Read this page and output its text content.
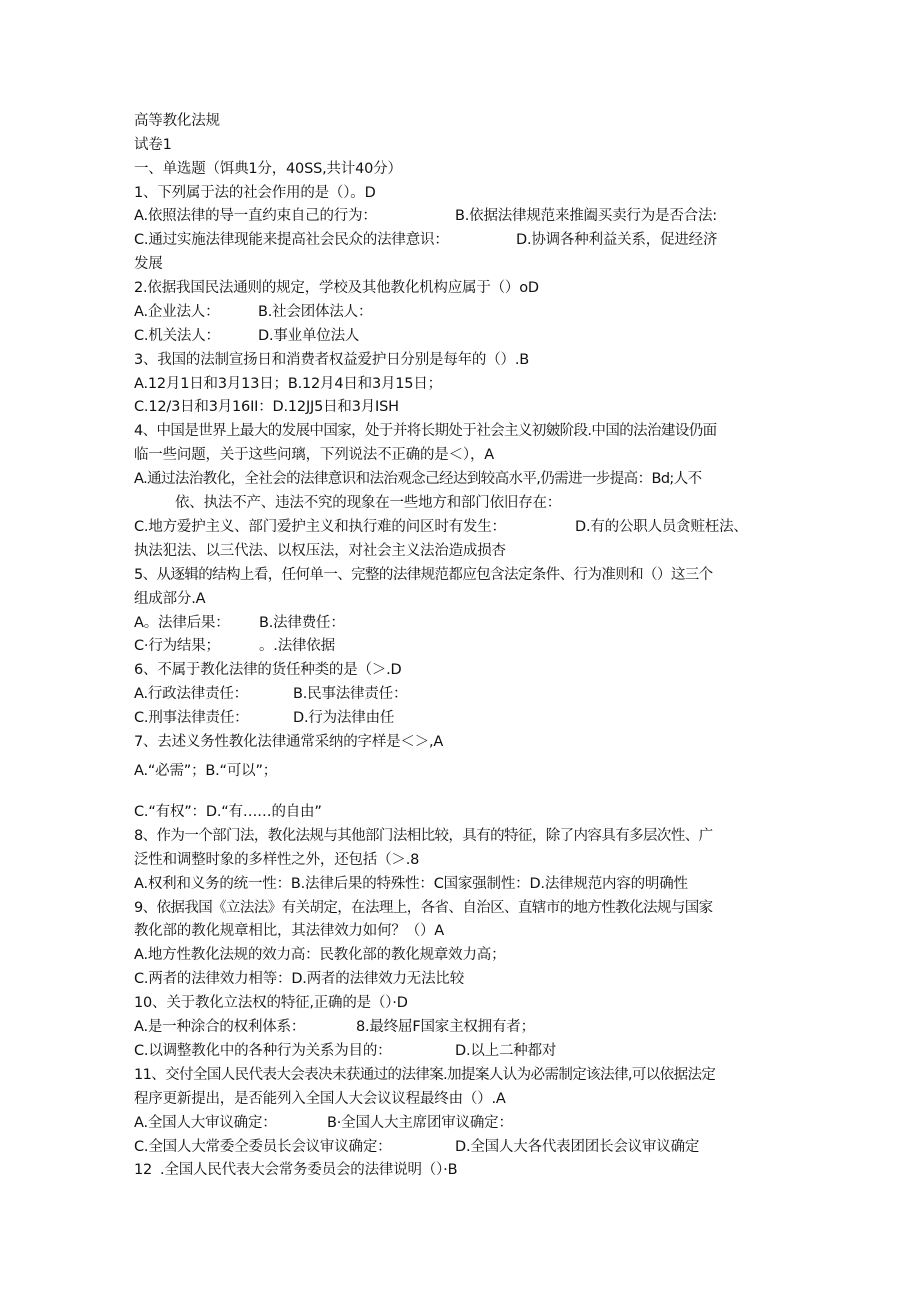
高等教化法规
试卷1
一、单选题（饵典1分，40SS,共计40分）
1、下列属于法的社会作用的是（）。D
A.依照法律的导一直约束自己的行为：	B.依据法律规范来推阖买卖行为是否合法:
C.通过实施法律现能来提高社会民众的法律意识：	D.协调各种利益关系，促进经济
发展
2.依据我国民法通则的规定，学校及其他教化机构应属于（）oD
A.企业法人：	B.社会团体法人：
C.机关法人：	D.事业单位法人
3、我国的法制宣扬日和消费者权益爱护日分别是每年的（）.B
A.12月1日和3月13日；B.12月4日和3月15日；
C.12/3日和3月16II：D.12JJ5日和3月ISH
4、中国是世界上最大的发展中国家，处于并将长期处于社会主义初皴阶段.中国的法治建设仍面
临一些问题，关于这些问璃，下列说法不正确的是＜），A
A.通过法治教化，全社会的法律意识和法治观念己经达到较高水平,仍需进一步提高：Bd;人不
依、执法不产、违法不究的现象在一些地方和部门依旧存在：
C.地方爱护主义、部门爱护主义和执行难的问区时有发生：	D.有的公职人员贪赃枉法、
执法犯法、以三代法、以权压法，对社会主义法治造成损杏
5、从逐辑的结构上看，任何单一、完整的法律规范都应包含法定条件、行为准则和（）这三个
组成部分.A
A。法律后果： B.法律费任：
C·行为结果；	。.法律依据
6、不属于教化法律的货任种类的是（＞.D
A.行政法律责任：	B.民事法律责任：
C.刑事法律责任：	D.行为法律由任
7、去述义务性教化法律通常采纳的字样是＜＞,A
A.“必需”；B.“可以”；
C.“有权”：D.“有……的自由”
8、作为一个部门法，教化法规与其他部门法相比较，具有的特征，除了内容具有多层次性、广
泛性和调整时象的多样性之外，还包括（＞.8
A.权利和义务的统一性：B.法律后果的特殊性：C国家强制性：D.法律规范内容的明确性
9、依据我国《立法法》有关胡定，在法理上，各省、自治区、直辖市的地方性教化法规与国家
教化部的教化规章相比，其法律效力如何？（）A
A.地方性教化法规的效力高：民教化部的教化规章效力高；
C.两者的法律效力相等：D.两者的法律效力无法比较
10、关于教化立法权的特征,正确的是（）·D
A.是一种涂合的权利体系：	8.最终屈F国家主权拥有者；
C.以调整教化中的各种行为关系为目的：	D.以上二种都对
11、交付全国人民代表大会表决未获通过的法律案.加提案人认为必需制定该法律,可以依据法定
程序更新提出，是否能列入全国人大会议议程最终由（）.A
A.全国人大审议确定：	B·全国人大主席团审议确定：
C.全国人大常委仝委员长会议审议确定：	D.全国人大各代表团团长会议审议确定
12 .全国人民代表大会常务委员会的法律说明（）·B
